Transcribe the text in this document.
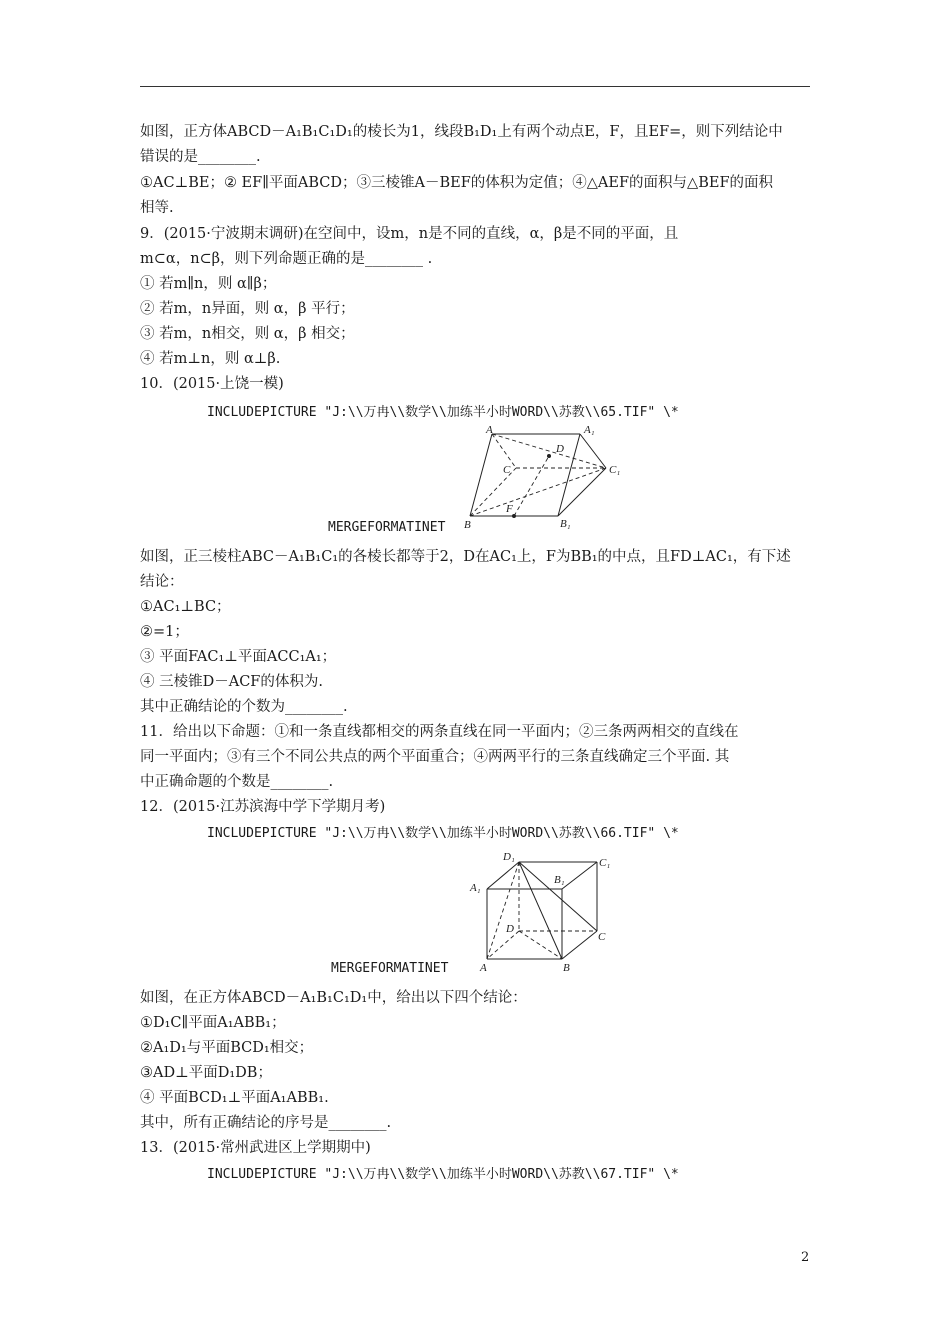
如图，正方体ABCD－A₁B₁C₁D₁的棱长为1，线段B₁D₁上有两个动点E，F，且EF=，则下列结论中
错误的是________.
①AC⊥BE；② EF∥平面ABCD；③三棱锥A－BEF的体积为定值；④△AEF的面积与△BEF的面积
相等.
9．(2015·宁波期末调研)在空间中，设m，n是不同的直线，α，β是不同的平面，且
m⊂α，n⊂β，则下列命题正确的是________ .
① 若m∥n，则 α∥β；
② 若m，n异面，则 α，β 平行；
③ 若m，n相交，则 α，β 相交；
④ 若m⊥n，则 α⊥β.
10．(2015·上饶一模)
如图，正三棱柱ABC－A₁B₁C₁的各棱长都等于2，D在AC₁上，F为BB₁的中点，且FD⊥AC₁，有下述
结论：
①AC₁⊥BC；
②=1；
③ 平面FAC₁⊥平面ACC₁A₁；
④ 三棱锥D－ACF的体积为.
其中正确结论的个数为________.
11．给出以下命题：①和一条直线都相交的两条直线在同一平面内；②三条两两相交的直线在
同一平面内；③有三个不同公共点的两个平面重合；④两两平行的三条直线确定三个平面. 其
中正确命题的个数是________.
12．(2015·江苏滨海中学下学期月考)
如图，在正方体ABCD－A₁B₁C₁D₁中，给出以下四个结论：
①D₁C∥平面A₁ABB₁；
②A₁D₁与平面BCD₁相交；
③AD⊥平面D₁DB；
④ 平面BCD₁⊥平面A₁ABB₁.
其中，所有正确结论的序号是________.
13．(2015·常州武进区上学期期中)
INCLUDEPICTURE "J:\\万冉\\数学\\加练半小时WORD\\苏教\\65.TIF" \*
MERGEFORMATINET
INCLUDEPICTURE "J:\\万冉\\数学\\加练半小时WORD\\苏教\\66.TIF" \*
MERGEFORMATINET
INCLUDEPICTURE "J:\\万冉\\数学\\加练半小时WORD\\苏教\\67.TIF" \*
A	A₁
D
C	C₁
F
B	B₁
D₁	C₁
B₁
A₁
D
C
A	B
2
